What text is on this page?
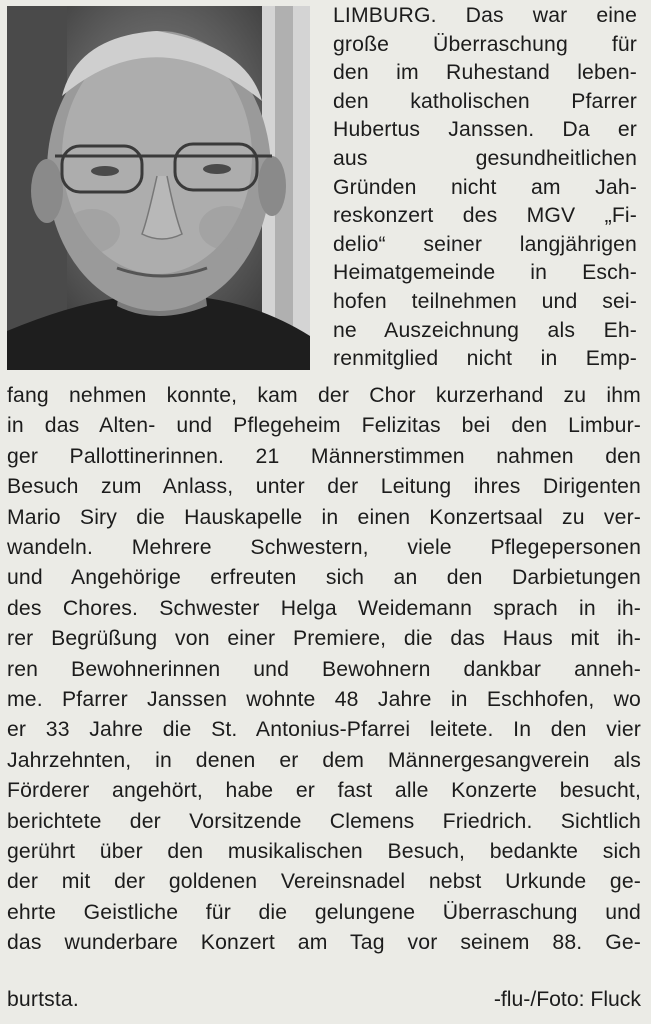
LIMBURG. Das war eine
große Überraschung für
den im Ruhestand leben-
den katholischen Pfarrer
Hubertus Janssen. Da er
aus gesundheitlichen
Gründen nicht am Jah-
reskonzert des MGV „Fi-
delio“ seiner langjährigen
Heimatgemeinde in Esch-
hofen teilnehmen und sei-
ne Auszeichnung als Eh-
renmitglied nicht in Emp-
fang nehmen konnte, kam der Chor kurzerhand zu ihm
in das Alten- und Pflegeheim Felizitas bei den Limbur-
ger Pallottinerinnen. 21 Männerstimmen nahmen den
Besuch zum Anlass, unter der Leitung ihres Dirigenten
Mario Siry die Hauskapelle in einen Konzertsaal zu ver-
wandeln. Mehrere Schwestern, viele Pflegepersonen
und Angehörige erfreuten sich an den Darbietungen
des Chores. Schwester Helga Weidemann sprach in ih-
rer Begrüßung von einer Premiere, die das Haus mit ih-
ren Bewohnerinnen und Bewohnern dankbar anneh-
me. Pfarrer Janssen wohnte 48 Jahre in Eschhofen, wo
er 33 Jahre die St. Antonius-Pfarrei leitete. In den vier
Jahrzehnten, in denen er dem Männergesangverein als
Förderer angehört, habe er fast alle Konzerte besucht,
berichtete der Vorsitzende Clemens Friedrich. Sichtlich
gerührt über den musikalischen Besuch, bedankte sich
der mit der goldenen Vereinsnadel nebst Urkunde ge-
ehrte Geistliche für die gelungene Überraschung und
das wunderbare Konzert am Tag vor seinem 88. Ge-
burtsta.	-flu-/Foto: Fluck
